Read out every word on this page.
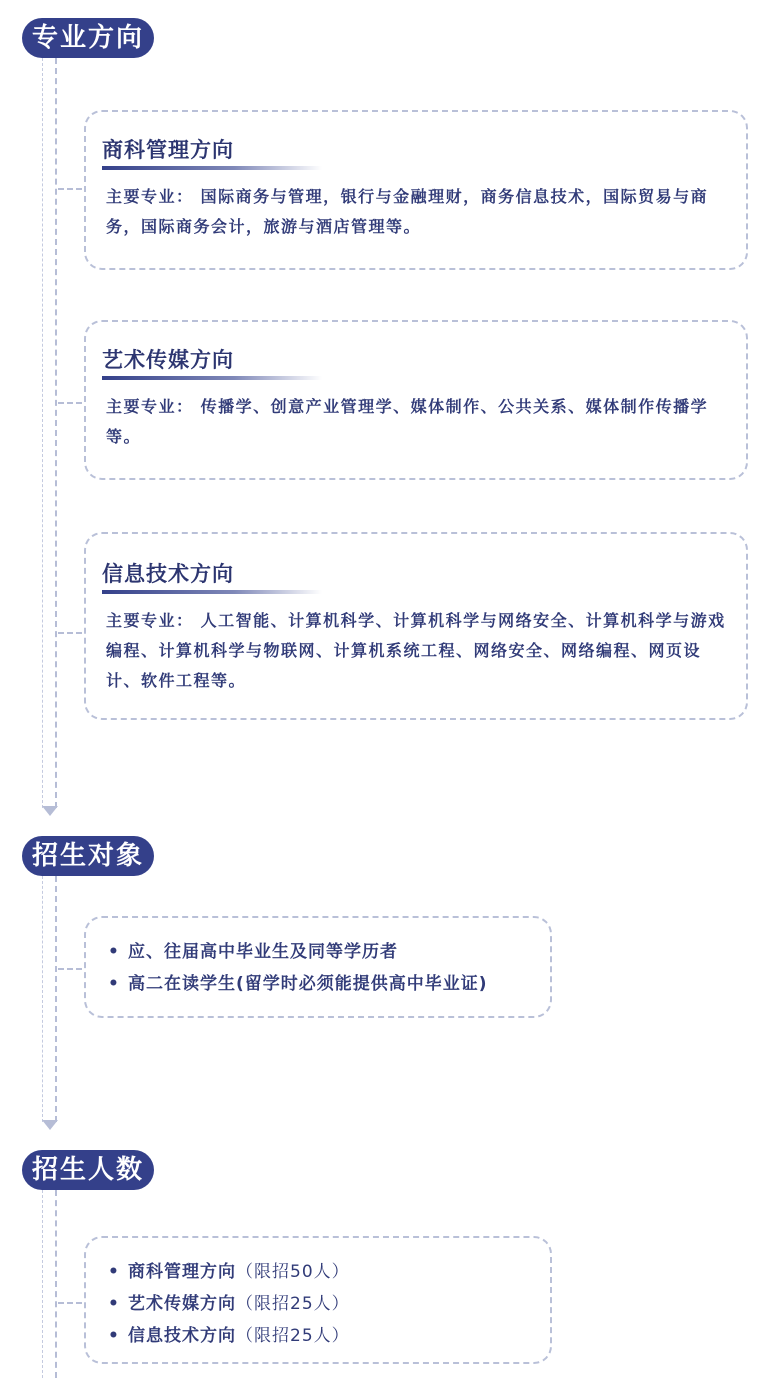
专业方向
商科管理方向
主要专业： 国际商务与管理，银行与金融理财，商务信息技术，国际贸易与商务，国际商务会计，旅游与酒店管理等。
艺术传媒方向
主要专业： 传播学、创意产业管理学、媒体制作、公共关系、媒体制作传播学等。
信息技术方向
主要专业： 人工智能、计算机科学、计算机科学与网络安全、计算机科学与游戏编程、计算机科学与物联网、计算机系统工程、网络安全、网络编程、网页设计、软件工程等。
招生对象
• 应、往届高中毕业生及同等学历者
• 高二在读学生(留学时必须能提供高中毕业证)
招生人数
• 商科管理方向（限招50人）
• 艺术传媒方向（限招25人）
• 信息技术方向（限招25人）
